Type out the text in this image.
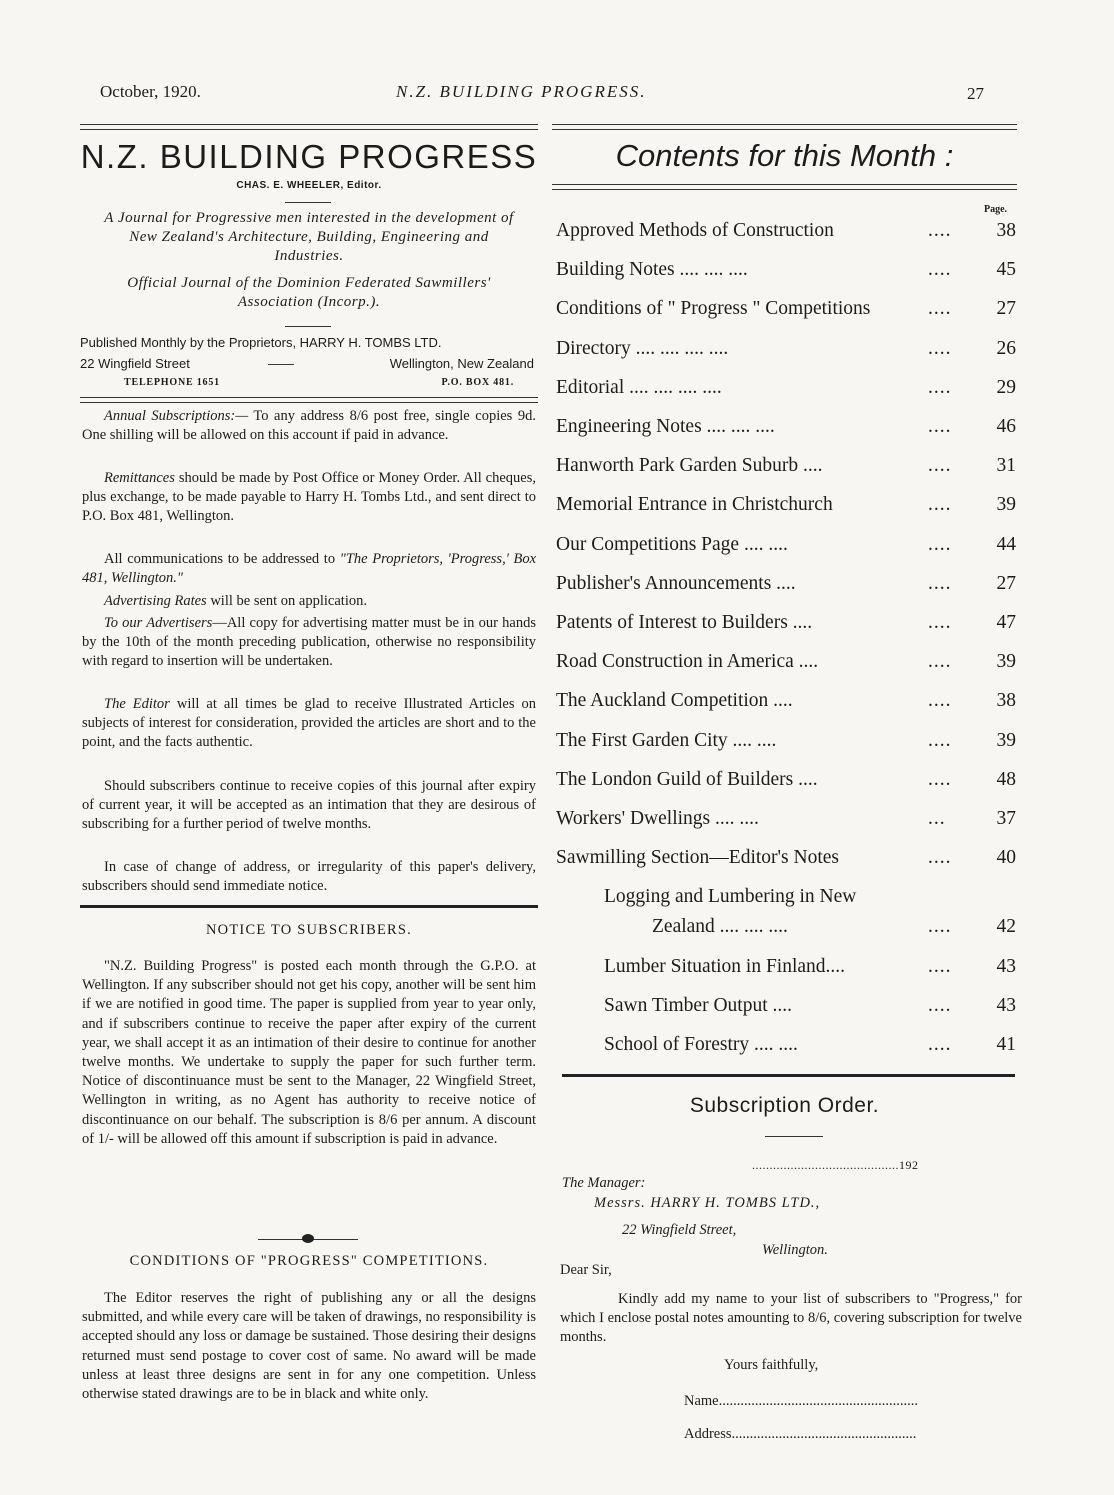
October, 1920.	N.Z. BUILDING PROGRESS.	27
N.Z. BUILDING PROGRESS
CHAS. E. WHEELER, Editor.
A Journal for Progressive men interested in the development of New Zealand's Architecture, Building, Engineering and Industries.
Official Journal of the Dominion Federated Sawmillers' Association (Incorp.).
Published Monthly by the Proprietors, HARRY H. TOMBS LTD.
22 Wingfield Street	——	Wellington, New Zealand
TELEPHONE 1651	P.O. BOX 481.
Annual Subscriptions:— To any address 8/6 post free, single copies 9d. One shilling will be allowed on this account if paid in advance.
Remittances should be made by Post Office or Money Order. All cheques, plus exchange, to be made payable to Harry H. Tombs Ltd., and sent direct to P.O. Box 481, Wellington.
All communications to be addressed to "The Proprietors, 'Progress,' Box 481, Wellington."
Advertising Rates will be sent on application.
To our Advertisers—All copy for advertising matter must be in our hands by the 10th of the month preceding publication, otherwise no responsibility with regard to insertion will be undertaken.
The Editor will at all times be glad to receive Illustrated Articles on subjects of interest for consideration, provided the articles are short and to the point, and the facts authentic.
Should subscribers continue to receive copies of this journal after expiry of current year, it will be accepted as an intimation that they are desirous of subscribing for a further period of twelve months.
In case of change of address, or irregularity of this paper's delivery, subscribers should send immediate notice.
NOTICE TO SUBSCRIBERS.
"N.Z. Building Progress" is posted each month through the G.P.O. at Wellington. If any subscriber should not get his copy, another will be sent him if we are notified in good time. The paper is supplied from year to year only, and if subscribers continue to receive the paper after expiry of the current year, we shall accept it as an intimation of their desire to continue for another twelve months. We undertake to supply the paper for such further term. Notice of discontinuance must be sent to the Manager, 22 Wingfield Street, Wellington in writing, as no Agent has authority to receive notice of discontinuance on our behalf. The subscription is 8/6 per annum. A discount of 1/- will be allowed off this amount if subscription is paid in advance.
CONDITIONS OF "PROGRESS" COMPETITIONS.
The Editor reserves the right of publishing any or all the designs submitted, and while every care will be taken of drawings, no responsibility is accepted should any loss or damage be sustained. Those desiring their designs returned must send postage to cover cost of same. No award will be made unless at least three designs are sent in for any one competition. Unless otherwise stated drawings are to be in black and white only.
Contents for this Month :
Page.
Approved Methods of Construction	.... 38
Building Notes .... .... ....	.... 45
Conditions of " Progress " Competitions	.... 27
Directory .... .... .... ....	.... 26
Editorial .... .... .... ....	.... 29
Engineering Notes .... .... ....	.... 46
Hanworth Park Garden Suburb ....	.... 31
Memorial Entrance in Christchurch	.... 39
Our Competitions Page .... ....	.... 44
Publisher's Announcements ....	.... 27
Patents of Interest to Builders ....	.... 47
Road Construction in America ....	.... 39
The Auckland Competition ....	.... 38
The First Garden City .... ....	.... 39
The London Guild of Builders ....	.... 48
Workers' Dwellings .... ....	...	37
Sawmilling Section—Editor's Notes	.... 40
Logging and Lumbering in New
Zealand .... .... ....	.... 42
Lumber Situation in Finland....	.... 43
Sawn Timber Output ....	.... 43
School of Forestry .... ....	.... 41
Subscription Order.
..........................................192
The Manager:
Messrs. HARRY H. TOMBS LTD.,
22 Wingfield Street,
Wellington.
Dear Sir,
Kindly add my name to your list of subscribers to "Progress," for which I enclose postal notes amounting to 8/6, covering subscription for twelve months.
Yours faithfully,
Name.......................................................
Address...................................................
